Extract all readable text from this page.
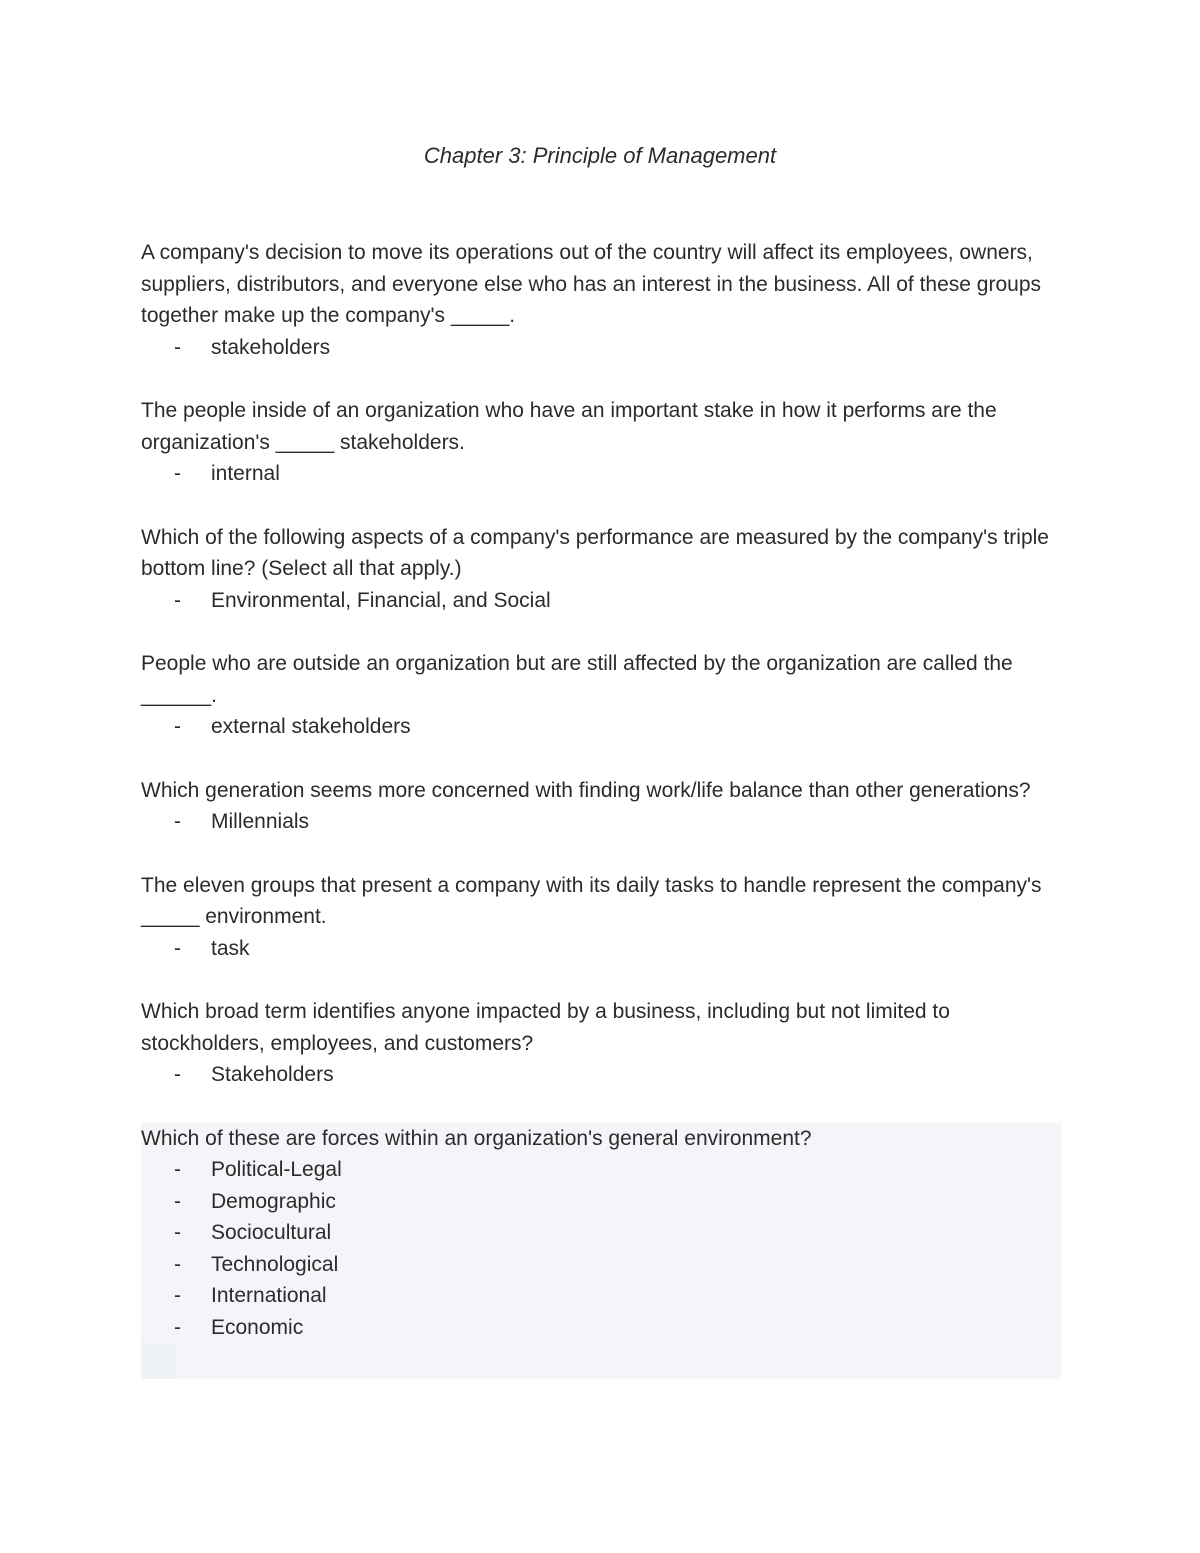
Chapter 3: Principle of Management

A company's decision to move its operations out of the country will affect its employees, owners, suppliers, distributors, and everyone else who has an interest in the business. All of these groups together make up the company's _____.

- stakeholders

The people inside of an organization who have an important stake in how it performs are the organization's _____ stakeholders.

- internal

Which of the following aspects of a company's performance are measured by the company's triple bottom line? (Select all that apply.)

- Environmental, Financial, and Social

People who are outside an organization but are still affected by the organization are called the ______.

- external stakeholders

Which generation seems more concerned with finding work/life balance than other generations?

- Millennials

The eleven groups that present a company with its daily tasks to handle represent the company's _____ environment.

- task

Which broad term identifies anyone impacted by a business, including but not limited to stockholders, employees, and customers?

- Stakeholders

Which of these are forces within an organization's general environment?

- Political-Legal
- Demographic
- Sociocultural
- Technological
- International
- Economic
